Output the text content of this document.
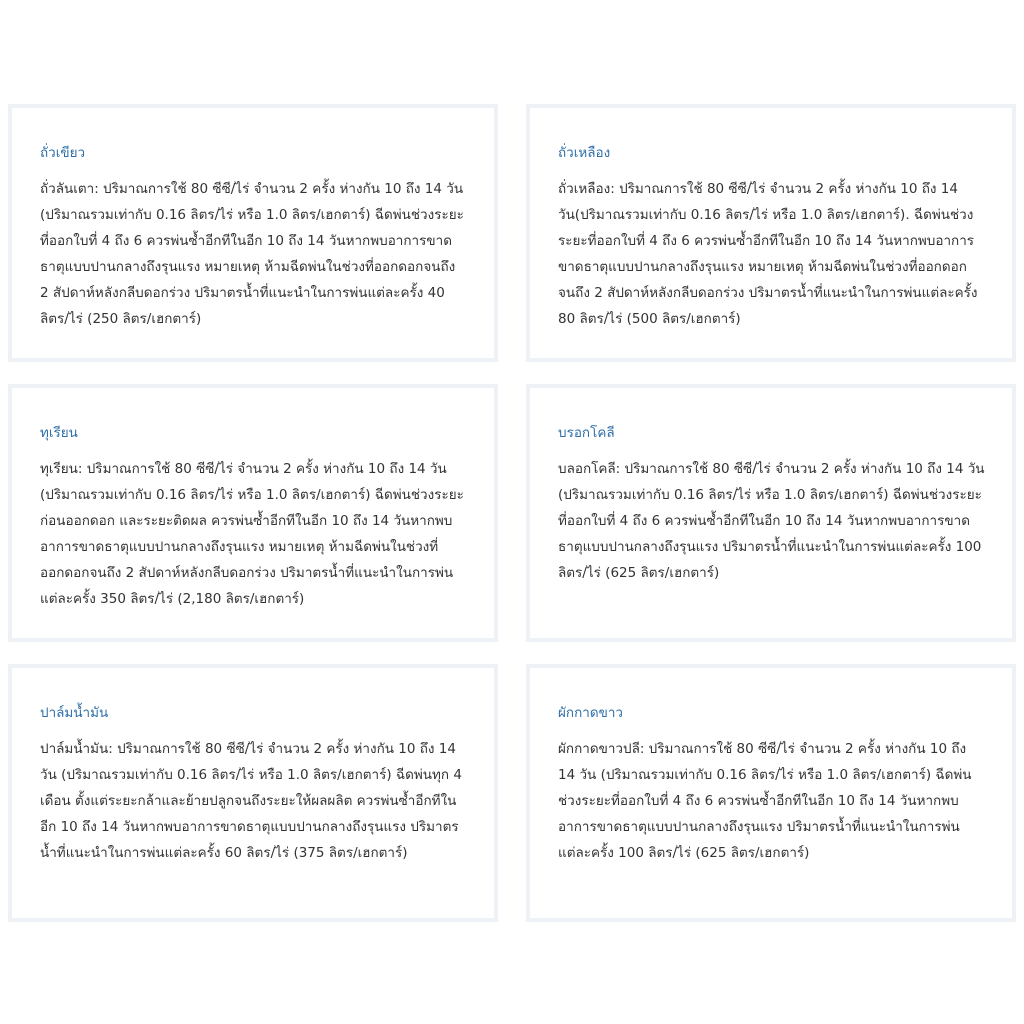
ถั่วเขียว

ถั่วลันเตา: ปริมาณการใช้ 80 ซีซี/ไร่ จำนวน 2 ครั้ง ห่างกัน 10 ถึง 14 วัน (ปริมาณรวมเท่ากับ 0.16 ลิตร/ไร่ หรือ 1.0 ลิตร/เฮกตาร์) ฉีดพ่นช่วงระยะที่ออกใบที่ 4 ถึง 6 ควรพ่นซ้ำอีกทีในอีก 10 ถึง 14 วันหากพบอาการขาดธาตุแบบปานกลางถึงรุนแรง หมายเหตุ ห้ามฉีดพ่นในช่วงที่ออกดอกจนถึง 2 สัปดาห์หลังกลีบดอกร่วง ปริมาตรน้ำที่แนะนำในการพ่นแต่ละครั้ง 40 ลิตร/ไร่ (250 ลิตร/เฮกตาร์)

ถั่วเหลือง

ถั่วเหลือง: ปริมาณการใช้ 80 ซีซี/ไร่ จำนวน 2 ครั้ง ห่างกัน 10 ถึง 14 วัน(ปริมาณรวมเท่ากับ 0.16 ลิตร/ไร่ หรือ 1.0 ลิตร/เฮกตาร์). ฉีดพ่นช่วงระยะที่ออกใบที่ 4 ถึง 6 ควรพ่นซ้ำอีกทีในอีก 10 ถึง 14 วันหากพบอาการขาดธาตุแบบปานกลางถึงรุนแรง หมายเหตุ ห้ามฉีดพ่นในช่วงที่ออกดอกจนถึง 2 สัปดาห์หลังกลีบดอกร่วง ปริมาตรน้ำที่แนะนำในการพ่นแต่ละครั้ง 80 ลิตร/ไร่ (500 ลิตร/เฮกตาร์)

ทุเรียน

ทุเรียน: ปริมาณการใช้ 80 ซีซี/ไร่ จำนวน 2 ครั้ง ห่างกัน 10 ถึง 14 วัน (ปริมาณรวมเท่ากับ 0.16 ลิตร/ไร่ หรือ 1.0 ลิตร/เฮกตาร์) ฉีดพ่นช่วงระยะก่อนออกดอก และระยะติดผล ควรพ่นซ้ำอีกทีในอีก 10 ถึง 14 วันหากพบอาการขาดธาตุแบบปานกลางถึงรุนแรง หมายเหตุ ห้ามฉีดพ่นในช่วงที่ออกดอกจนถึง 2 สัปดาห์หลังกลีบดอกร่วง ปริมาตรน้ำที่แนะนำในการพ่นแต่ละครั้ง 350 ลิตร/ไร่ (2,180 ลิตร/เฮกตาร์)

บรอกโคลี

บลอกโคลี: ปริมาณการใช้ 80 ซีซี/ไร่ จำนวน 2 ครั้ง ห่างกัน 10 ถึง 14 วัน (ปริมาณรวมเท่ากับ 0.16 ลิตร/ไร่ หรือ 1.0 ลิตร/เฮกตาร์) ฉีดพ่นช่วงระยะที่ออกใบที่ 4 ถึง 6 ควรพ่นซ้ำอีกทีในอีก 10 ถึง 14 วันหากพบอาการขาดธาตุแบบปานกลางถึงรุนแรง ปริมาตรน้ำที่แนะนำในการพ่นแต่ละครั้ง 100 ลิตร/ไร่ (625 ลิตร/เฮกตาร์)

ปาล์มน้ำมัน

ปาล์มน้ำมัน: ปริมาณการใช้ 80 ซีซี/ไร่ จำนวน 2 ครั้ง ห่างกัน 10 ถึง 14 วัน (ปริมาณรวมเท่ากับ 0.16 ลิตร/ไร่ หรือ 1.0 ลิตร/เฮกตาร์) ฉีดพ่นทุก 4 เดือน ตั้งแต่ระยะกล้าและย้ายปลูกจนถึงระยะให้ผลผลิต ควรพ่นซ้ำอีกทีในอีก 10 ถึง 14 วันหากพบอาการขาดธาตุแบบปานกลางถึงรุนแรง ปริมาตรน้ำที่แนะนำในการพ่นแต่ละครั้ง 60 ลิตร/ไร่ (375 ลิตร/เฮกตาร์)

ผักกาดขาว

ผักกาดขาวปลี: ปริมาณการใช้ 80 ซีซี/ไร่ จำนวน 2 ครั้ง ห่างกัน 10 ถึง 14 วัน (ปริมาณรวมเท่ากับ 0.16 ลิตร/ไร่ หรือ 1.0 ลิตร/เฮกตาร์) ฉีดพ่นช่วงระยะที่ออกใบที่ 4 ถึง 6 ควรพ่นซ้ำอีกทีในอีก 10 ถึง 14 วันหากพบอาการขาดธาตุแบบปานกลางถึงรุนแรง ปริมาตรน้ำที่แนะนำในการพ่นแต่ละครั้ง 100 ลิตร/ไร่ (625 ลิตร/เฮกตาร์)
